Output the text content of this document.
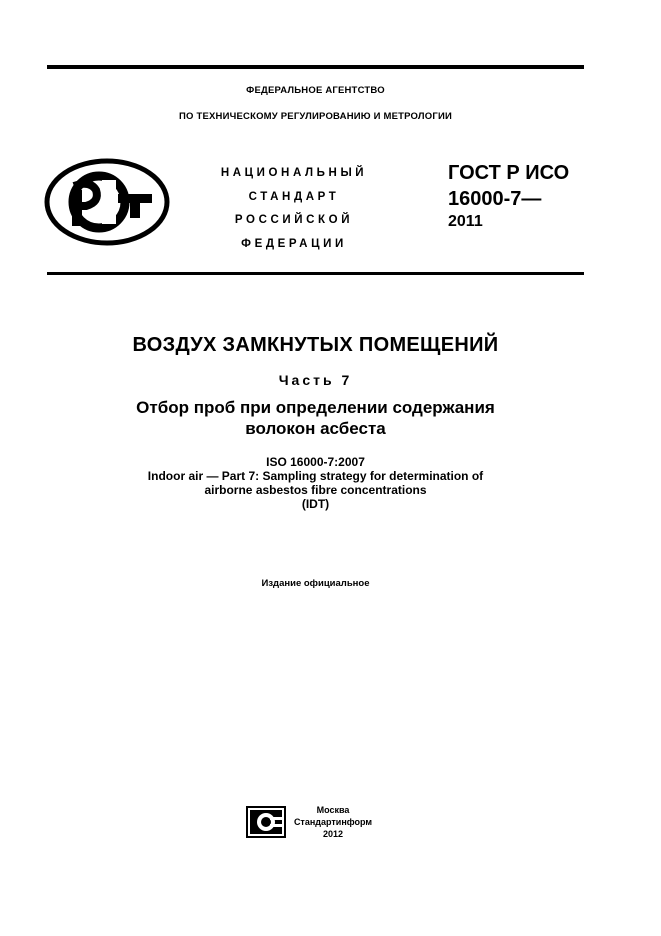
ФЕДЕРАЛЬНОЕ АГЕНТСТВО
ПО ТЕХНИЧЕСКОМУ РЕГУЛИРОВАНИЮ И МЕТРОЛОГИИ
НАЦИОНАЛЬНЫЙ
СТАНДАРТ
РОССИЙСКОЙ
ФЕДЕРАЦИИ
ГОСТ Р ИСО
16000-7—
2011
ВОЗДУХ ЗАМКНУТЫХ ПОМЕЩЕНИЙ
Часть 7
Отбор проб при определении содержания
волокон асбеста
ISO 16000-7:2007
Indoor air — Part 7: Sampling strategy for determination of
airborne asbestos fibre concentrations
(IDT)
Издание официальное
Москва
Стандартинформ
2012
